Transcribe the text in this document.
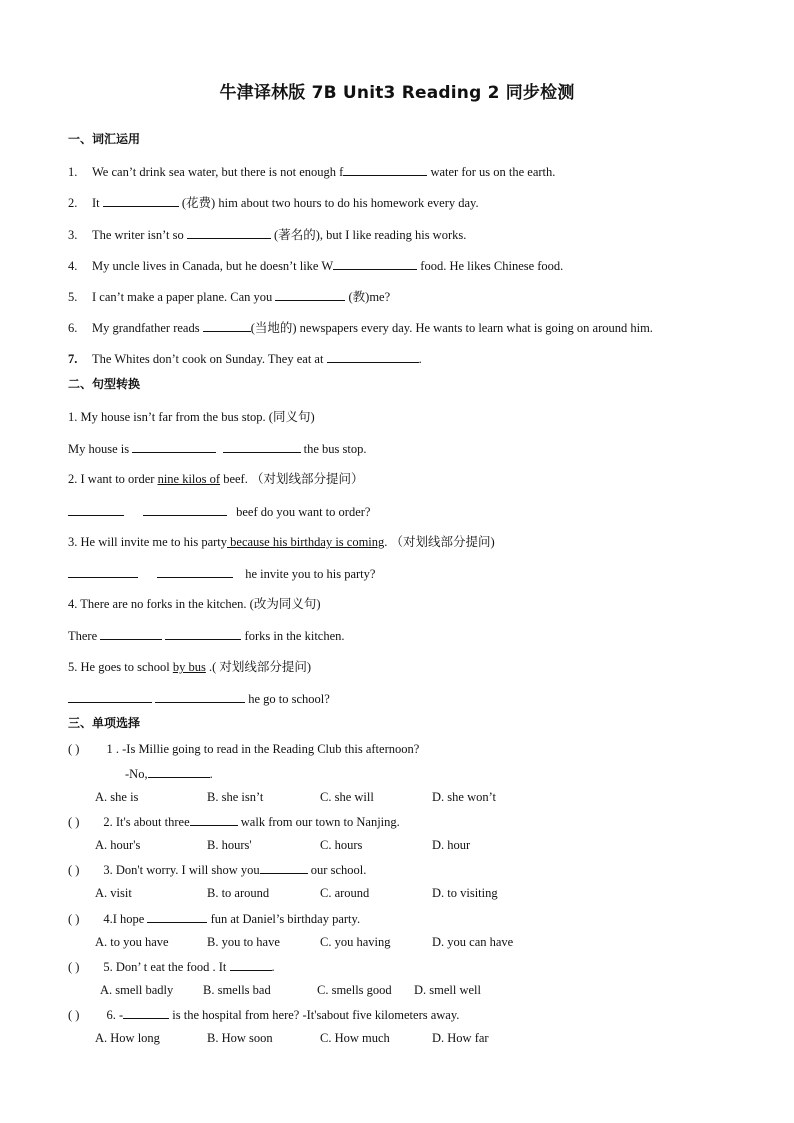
牛津译林版 7B Unit3 Reading 2 同步检测
一、词汇运用
1. We can’t drink sea water, but there is not enough f	water for us on the earth.
2. It	(花费) him about two hours to do his homework every day.
3. The writer isn’t so	(著名的), but I like reading his works.
4. My uncle lives in Canada, but he doesn’t like W	food. He likes Chinese food.
5. I can’t make a paper plane. Can you	(教)me?
6. My grandfather reads	(当地的) newspapers every day. He wants to learn what is going on around him.
7. The Whites don’t cook on Sunday. They eat at	.
二、句型转换
1. My house isn’t far from the bus stop. (同义句)
My house is	the bus stop.
2. I want to order nine kilos of beef. （对划线部分提问）
beef do you want to order?
3. He will invite me to his party because his birthday is coming. （对划线部分提问)
he invite you to his party?
4. There are no forks in the kitchen. (改为同义句)
There	forks in the kitchen.
5. He goes to school by bus .( 对划线部分提问)
he go to school?
三、单项选择
( )    1 . -Is Millie going to read in the Reading Club this afternoon?
-No,	.
A. she is	B. she isn’t	C. she will	D. she won’t
( ) 2. It's about three	walk from our town to Nanjing.
A. hour's	B. hours'	C. hours	D. hour
( ) 3. Don't worry. I will show you	our school.
A. visit	B. to around	C. around	D. to visiting
( ) 4.I hope	fun at Daniel’s birthday party.
A. to you have	B. you to have	C. you having	D. you can have
( ) 5. Don’ t eat the food . It	.
A. smell badly B. smells bad	C. smells good D. smell well
( )    6. -	is the hospital from here? -It'sabout five kilometers away.
A. How long	B. How soon	C. How much	D. How far
